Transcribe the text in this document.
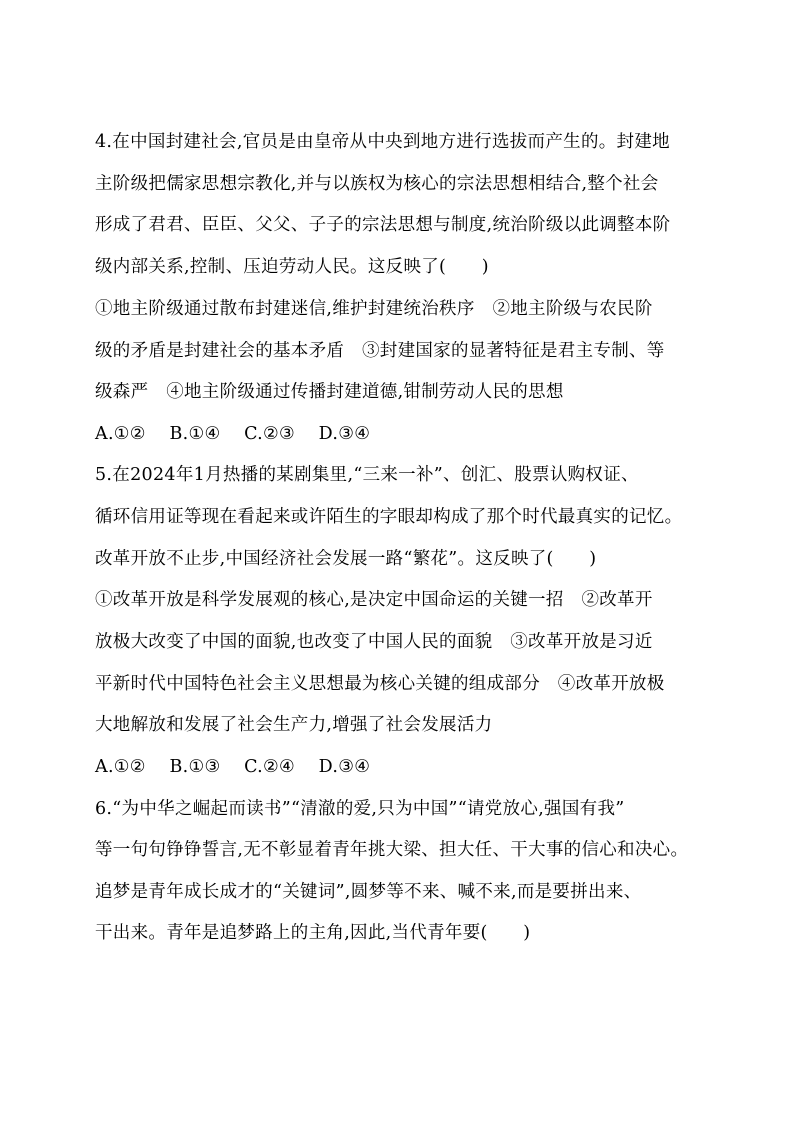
4.在中国封建社会,官员是由皇帝从中央到地方进行选拔而产生的。封建地
主阶级把儒家思想宗教化,并与以族权为核心的宗法思想相结合,整个社会
形成了君君、臣臣、父父、子子的宗法思想与制度,统治阶级以此调整本阶
级内部关系,控制、压迫劳动人民。这反映了(　　)
①地主阶级通过散布封建迷信,维护封建统治秩序　②地主阶级与农民阶
级的矛盾是封建社会的基本矛盾　③封建国家的显著特征是君主专制、等
级森严　④地主阶级通过传播封建道德,钳制劳动人民的思想
A.①②　 B.①④　 C.②③　 D.③④
5.在2024年1月热播的某剧集里,“三来一补”、创汇、股票认购权证、
循环信用证等现在看起来或许陌生的字眼却构成了那个时代最真实的记忆。
改革开放不止步,中国经济社会发展一路“繁花”。这反映了(　　)
①改革开放是科学发展观的核心,是决定中国命运的关键一招　②改革开
放极大改变了中国的面貌,也改变了中国人民的面貌　③改革开放是习近
平新时代中国特色社会主义思想最为核心关键的组成部分　④改革开放极
大地解放和发展了社会生产力,增强了社会发展活力
A.①②　 B.①③　 C.②④　 D.③④
6.“为中华之崛起而读书”“清澈的爱,只为中国”“请党放心,强国有我”
等一句句铮铮誓言,无不彰显着青年挑大梁、担大任、干大事的信心和决心。
追梦是青年成长成才的“关键词”,圆梦等不来、喊不来,而是要拼出来、
干出来。青年是追梦路上的主角,因此,当代青年要(　　)
